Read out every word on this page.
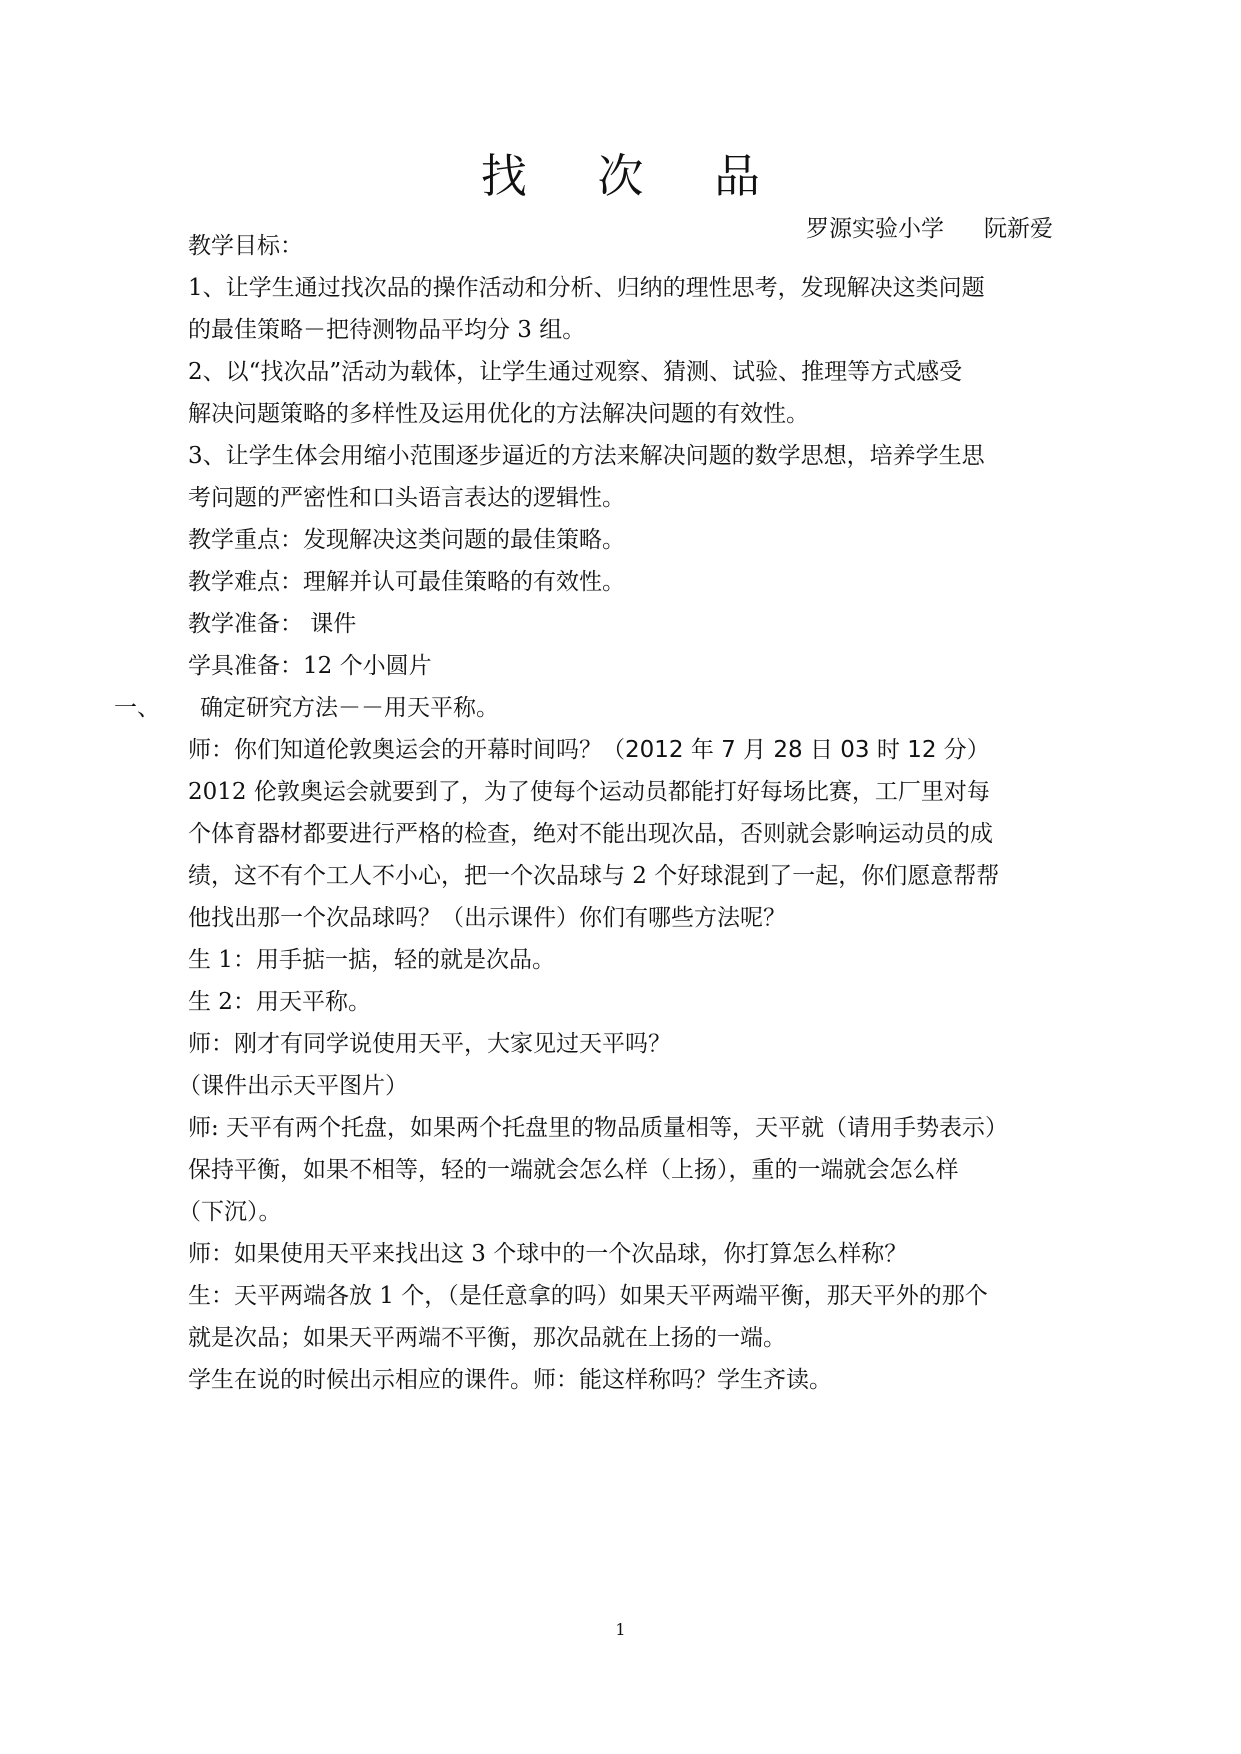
找 次 品
罗源实验小学 阮新爱
教学目标：
1、让学生通过找次品的操作活动和分析、归纳的理性思考，发现解决这类问题
的最佳策略－把待测物品平均分 3 组。
2、以“找次品”活动为载体，让学生通过观察、猜测、试验、推理等方式感受
解决问题策略的多样性及运用优化的方法解决问题的有效性。
3、让学生体会用缩小范围逐步逼近的方法来解决问题的数学思想，培养学生思
考问题的严密性和口头语言表达的逻辑性。
教学重点：发现解决这类问题的最佳策略。
教学难点：理解并认可最佳策略的有效性。
教学准备： 课件
学具准备：12 个小圆片
一、 确定研究方法－－用天平称。
师：你们知道伦敦奥运会的开幕时间吗？（2012 年 7 月 28 日 03 时 12 分）
2012 伦敦奥运会就要到了，为了使每个运动员都能打好每场比赛，工厂里对每
个体育器材都要进行严格的检查，绝对不能出现次品，否则就会影响运动员的成
绩，这不有个工人不小心，把一个次品球与 2 个好球混到了一起，你们愿意帮帮
他找出那一个次品球吗？（出示课件）你们有哪些方法呢？
生 1：用手掂一掂，轻的就是次品。
生 2：用天平称。
师：刚才有同学说使用天平，大家见过天平吗？
（课件出示天平图片）
师: 天平有两个托盘，如果两个托盘里的物品质量相等，天平就（请用手势表示）
保持平衡，如果不相等，轻的一端就会怎么样（上扬），重的一端就会怎么样
（下沉）。
师：如果使用天平来找出这 3 个球中的一个次品球，你打算怎么样称？
生：天平两端各放 1 个，（是任意拿的吗）如果天平两端平衡，那天平外的那个
就是次品；如果天平两端不平衡，那次品就在上扬的一端。
学生在说的时候出示相应的课件。师：能这样称吗？学生齐读。
1
